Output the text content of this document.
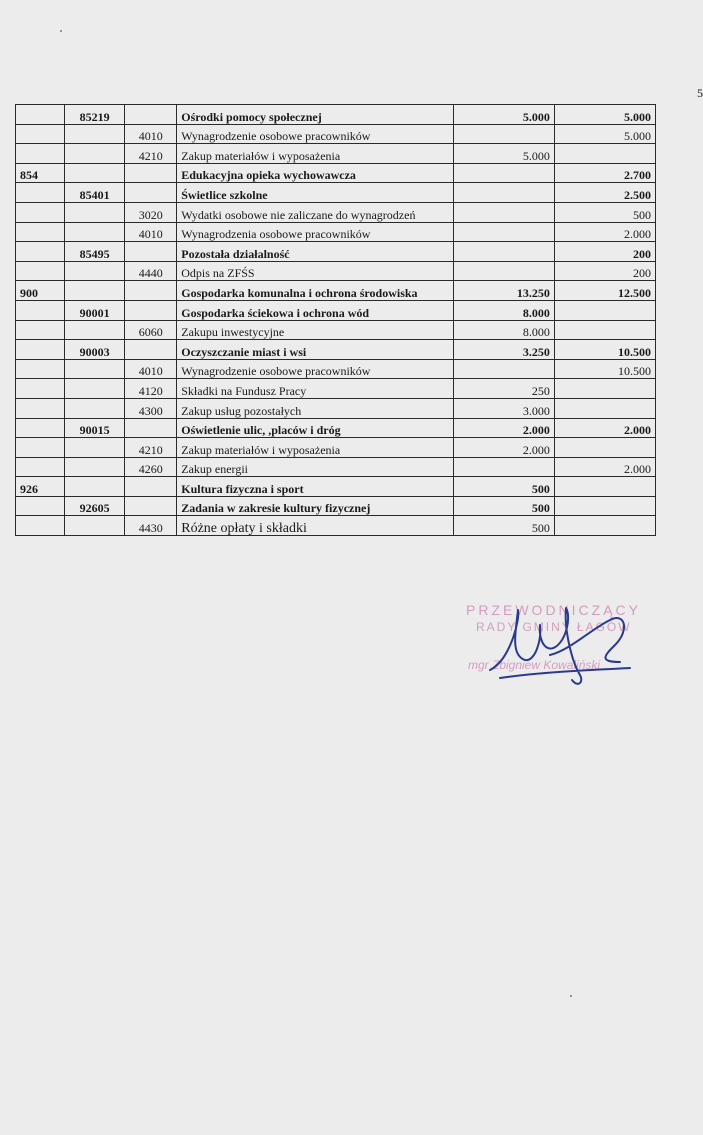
5
	85219		Ośrodki pomocy społecznej	5.000	5.000
		4010	Wynagrodzenie osobowe pracowników		5.000
		4210	Zakup materiałów i wyposażenia	5.000	
854			Edukacyjna opieka wychowawcza		2.700
	85401		Świetlice szkolne		2.500
		3020	Wydatki osobowe nie zaliczane do wynagrodzeń		500
		4010	Wynagrodzenia osobowe pracowników		2.000
	85495		Pozostała działalność		200
		4440	Odpis na ZFŚS		200
900			Gospodarka komunalna i ochrona środowiska	13.250	12.500
	90001		Gospodarka ściekowa i ochrona wód	8.000	
		6060	Zakupu inwestycyjne	8.000	
	90003		Oczyszczanie miast i wsi	3.250	10.500
		4010	Wynagrodzenie osobowe pracowników		10.500
		4120	Składki na Fundusz Pracy	250	
		4300	Zakup usług pozostałych	3.000	
	90015		Oświetlenie ulic, ,placów i dróg	2.000	2.000
		4210	Zakup materiałów i wyposażenia	2.000	
		4260	Zakup energii		2.000
926			Kultura fizyczna i sport	500	
	92605		Zadania w zakresie kultury fizycznej	500	
		4430	Różne opłaty i składki	500	
PRZEWODNICZĄCY
RADY GMINY ŁAGÓW
mgr Zbigniew Kowaliński
